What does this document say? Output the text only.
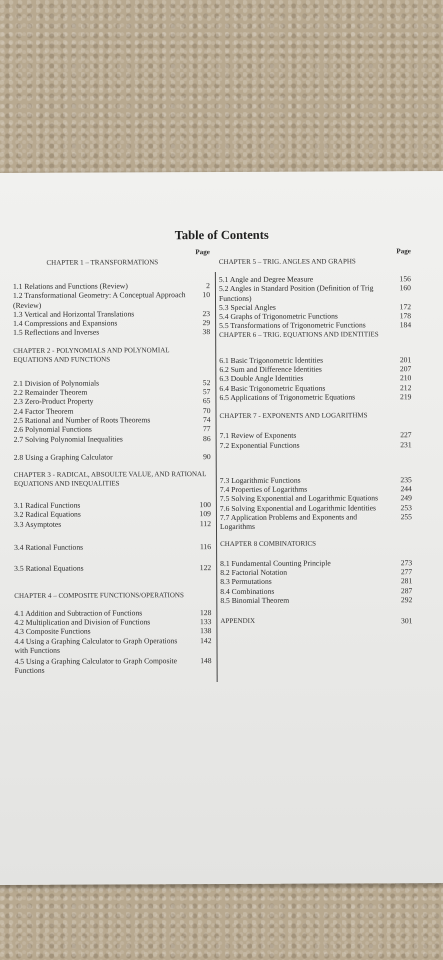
Table of Contents
Page
CHAPTER 1 – TRANSFORMATIONS
1.1 Relations and Functions (Review)	2
1.2 Transformational Geometry: A Conceptual Approach (Review)
10
1.3 Vertical and Horizontal Translations	23
1.4 Compressions and Expansions	29
1.5 Reflections and Inverses	38
CHAPTER 2 - POLYNOMIALS AND POLYNOMIAL EQUATIONS AND FUNCTIONS
2.1 Division of Polynomials	52
2.2 Remainder Theorem	57
2.3 Zero-Product Property	65
2.4 Factor Theorem	70
2.5 Rational and Number of Roots Theorems	74
2.6 Polynomial Functions	77
2.7 Solving Polynomial Inequalities	86
2.8 Using a Graphing Calculator	90
CHAPTER 3 - RADICAL, ABSOULTE VALUE, AND RATIONAL EQUATIONS AND INEQUALITIES
3.1 Radical Functions	100
3.2 Radical Equations	109
3.3 Asymptotes	112
3.4 Rational Functions	116
3.5 Rational Equations	122
CHAPTER 4 – COMPOSITE FUNCTIONS/OPERATIONS
4.1 Addition and Subtraction of Functions	128
4.2 Multiplication and Division of Functions	133
4.3 Composite Functions	138
4.4 Using a Graphing Calculator to Graph Operations with Functions
142
4.5 Using a Graphing Calculator to Graph Composite Functions
148
Page
CHAPTER 5 – TRIG. ANGLES AND GRAPHS
5.1 Angle and Degree Measure	156
5.2 Angles in Standard Position (Definition of Trig Functions)
160
5.3 Special Angles	172
5.4 Graphs of Trigonometric Functions	178
5.5 Transformations of Trigonometric Functions	184
CHAPTER 6 – TRIG. EQUATIONS AND IDENTITIES
6.1 Basic Trigonometric Identities	201
6.2 Sum and Difference Identities	207
6.3 Double Angle Identities	210
6.4 Basic Trigonometric Equations	212
6.5 Applications of Trigonometric Equations	219
CHAPTER 7 - EXPONENTS AND LOGARITHMS
7.1 Review of Exponents	227
7.2 Exponential Functions	231
7.3 Logarithmic Functions	235
7.4 Properties of Logarithms	244
7.5 Solving Exponential and Logarithmic Equations	249
7.6 Solving Exponential and Logarithmic Identities	253
7.7 Application Problems and Exponents and Logarithms
255
CHAPTER 8 COMBINATORICS
8.1 Fundamental Counting Principle	273
8.2 Factorial Notation	277
8.3 Permutations	281
8.4 Combinations	287
8.5 Binomial Theorem	292
APPENDIX	301
